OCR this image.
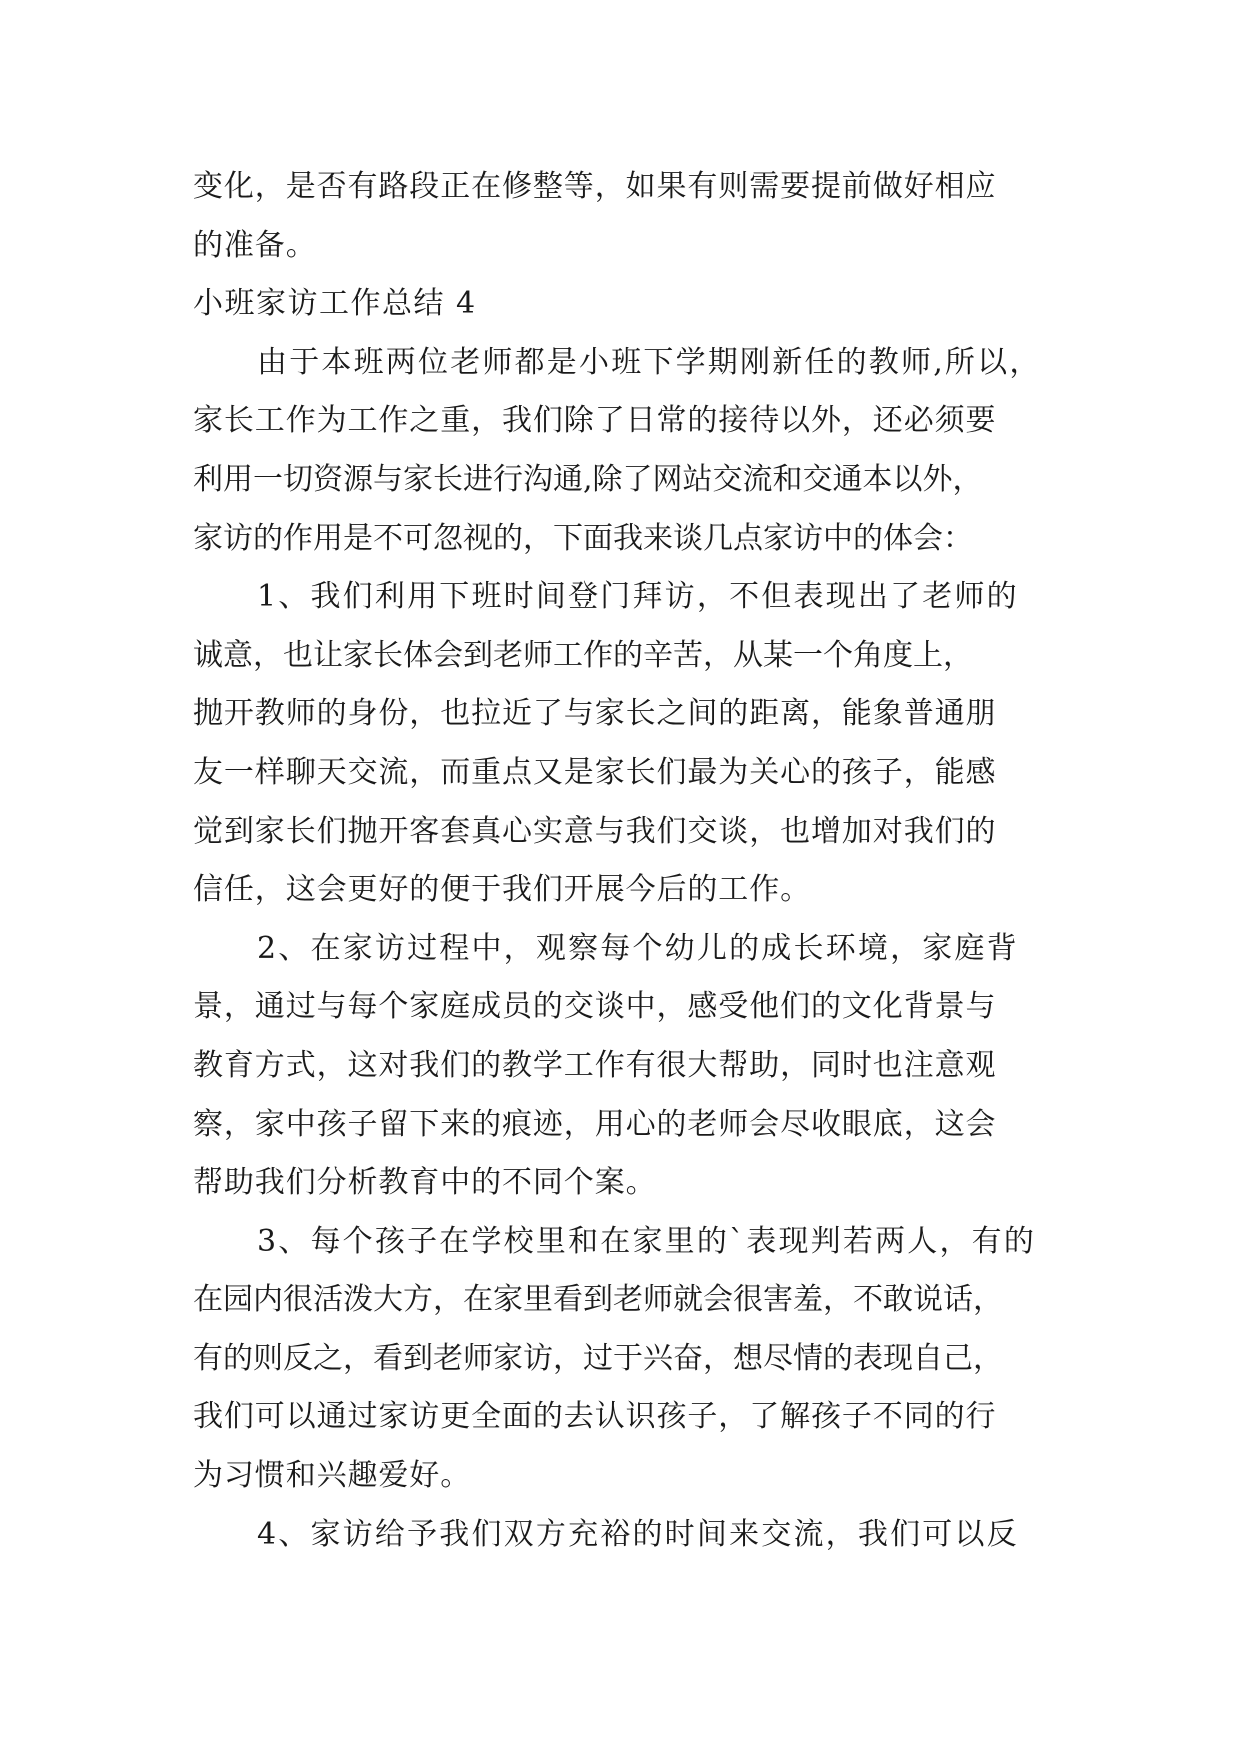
变化，是否有路段正在修整等，如果有则需要提前做好相应
的准备。
小班家访工作总结 4
由于本班两位老师都是小班下学期刚新任的教师,所以，
家长工作为工作之重，我们除了日常的接待以外，还必须要
利用一切资源与家长进行沟通,除了网站交流和交通本以外，
家访的作用是不可忽视的，下面我来谈几点家访中的体会：
1、我们利用下班时间登门拜访，不但表现出了老师的
诚意，也让家长体会到老师工作的辛苦，从某一个角度上，
抛开教师的身份，也拉近了与家长之间的距离，能象普通朋
友一样聊天交流，而重点又是家长们最为关心的孩子，能感
觉到家长们抛开客套真心实意与我们交谈，也增加对我们的
信任，这会更好的便于我们开展今后的工作。
2、在家访过程中，观察每个幼儿的成长环境，家庭背
景，通过与每个家庭成员的交谈中，感受他们的文化背景与
教育方式，这对我们的教学工作有很大帮助，同时也注意观
察，家中孩子留下来的痕迹，用心的老师会尽收眼底，这会
帮助我们分析教育中的不同个案。
3、每个孩子在学校里和在家里的`表现判若两人，有的
在园内很活泼大方，在家里看到老师就会很害羞，不敢说话，
有的则反之，看到老师家访，过于兴奋，想尽情的表现自己，
我们可以通过家访更全面的去认识孩子，了解孩子不同的行
为习惯和兴趣爱好。
4、家访给予我们双方充裕的时间来交流，我们可以反
